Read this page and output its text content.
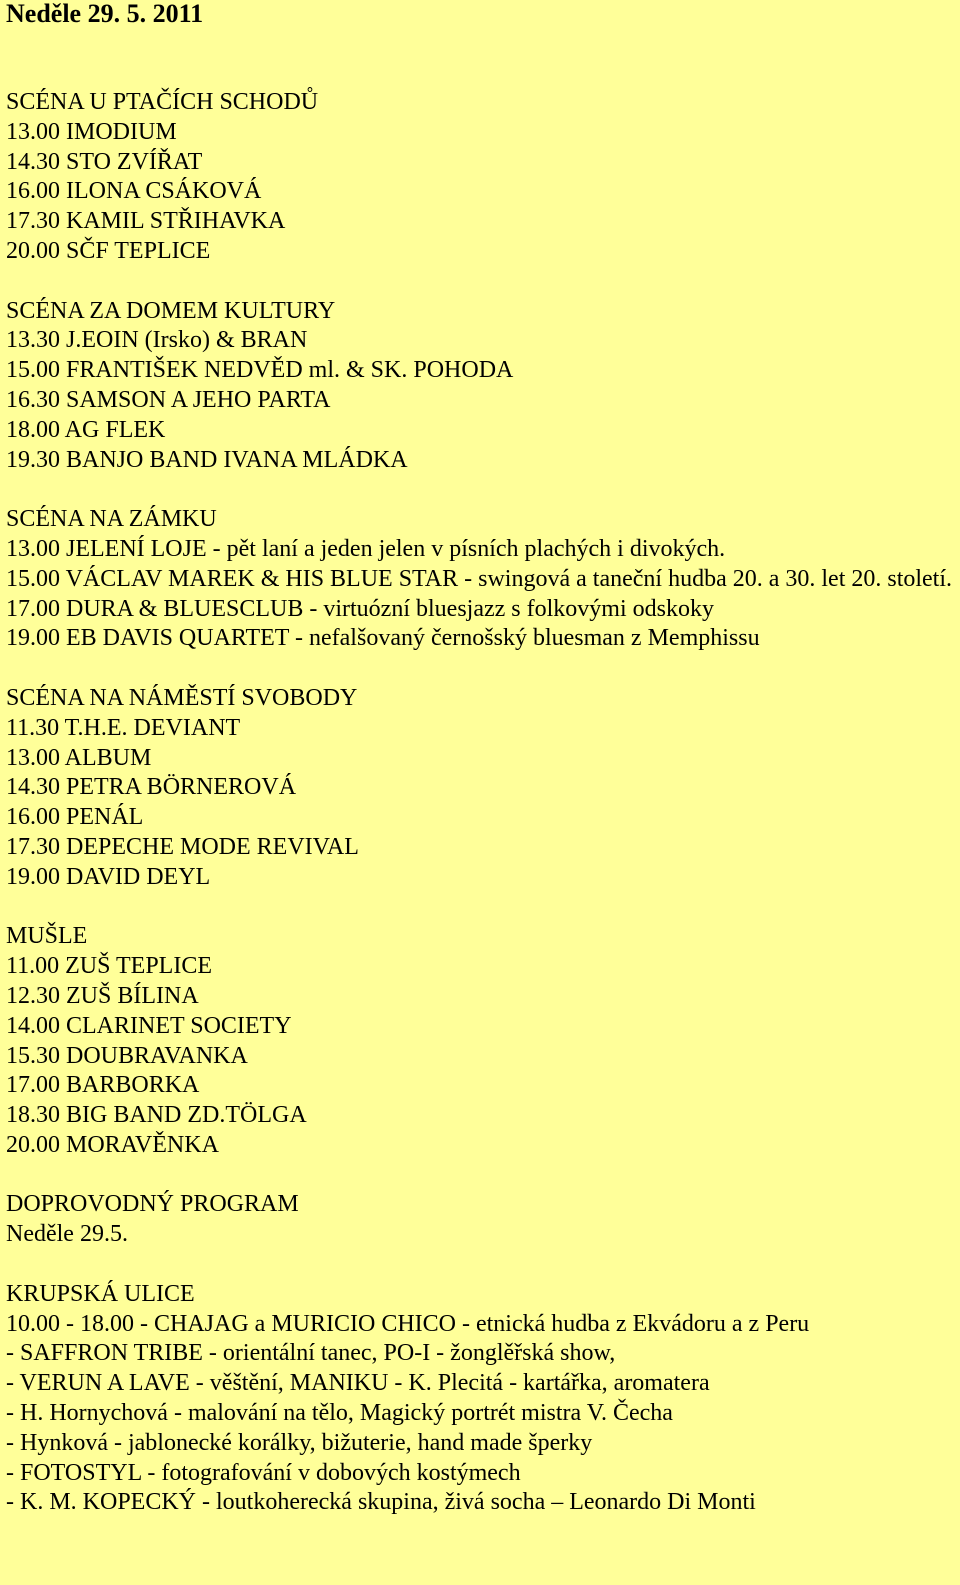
Neděle 29. 5. 2011
SCÉNA U PTAČÍCH SCHODŮ
13.00 IMODIUM
14.30 STO ZVÍŘAT
16.00 ILONA CSÁKOVÁ
17.30 KAMIL STŘIHAVKA
20.00 SČF TEPLICE
SCÉNA ZA DOMEM KULTURY
13.30 J.EOIN (Irsko) & BRAN
15.00 FRANTIŠEK NEDVĚD ml. & SK. POHODA
16.30 SAMSON A JEHO PARTA
18.00 AG FLEK
19.30 BANJO BAND IVANA MLÁDKA
SCÉNA NA ZÁMKU
13.00 JELENÍ LOJE - pět laní a jeden jelen v písních plachých i divokých.
15.00 VÁCLAV MAREK & HIS BLUE STAR - swingová a taneční hudba 20. a 30. let 20. století.
17.00 DURA & BLUESCLUB - virtuózní bluesjazz s folkovými odskoky
19.00 EB DAVIS QUARTET - nefalšovaný černošský bluesman z Memphissu
SCÉNA NA NÁMĚSTÍ SVOBODY
11.30 T.H.E. DEVIANT
13.00 ALBUM
14.30 PETRA BÖRNEROVÁ
16.00 PENÁL
17.30 DEPECHE MODE REVIVAL
19.00 DAVID DEYL
MUŠLE
11.00 ZUŠ TEPLICE
12.30 ZUŠ BÍLINA
14.00 CLARINET SOCIETY
15.30 DOUBRAVANKA
17.00 BARBORKA
18.30 BIG BAND ZD.TÖLGA
20.00 MORAVĚNKA
DOPROVODNÝ PROGRAM
Neděle 29.5.
KRUPSKÁ ULICE
10.00 - 18.00 - CHAJAG a MURICIO CHICO - etnická hudba z Ekvádoru a z Peru
- SAFFRON TRIBE - orientální tanec, PO-I - žonglěřská show,
- VERUN A LAVE - věštění, MANIKU - K. Plecitá - kartářka, aromatera
- H. Hornychová - malování na tělo, Magický portrét mistra V. Čecha
- Hynková - jablonecké korálky, bižuterie, hand made šperky
- FOTOSTYL - fotografování v dobových kostýmech
- K. M. KOPECKÝ - loutkoherecká skupina, živá socha – Leonardo Di Monti
